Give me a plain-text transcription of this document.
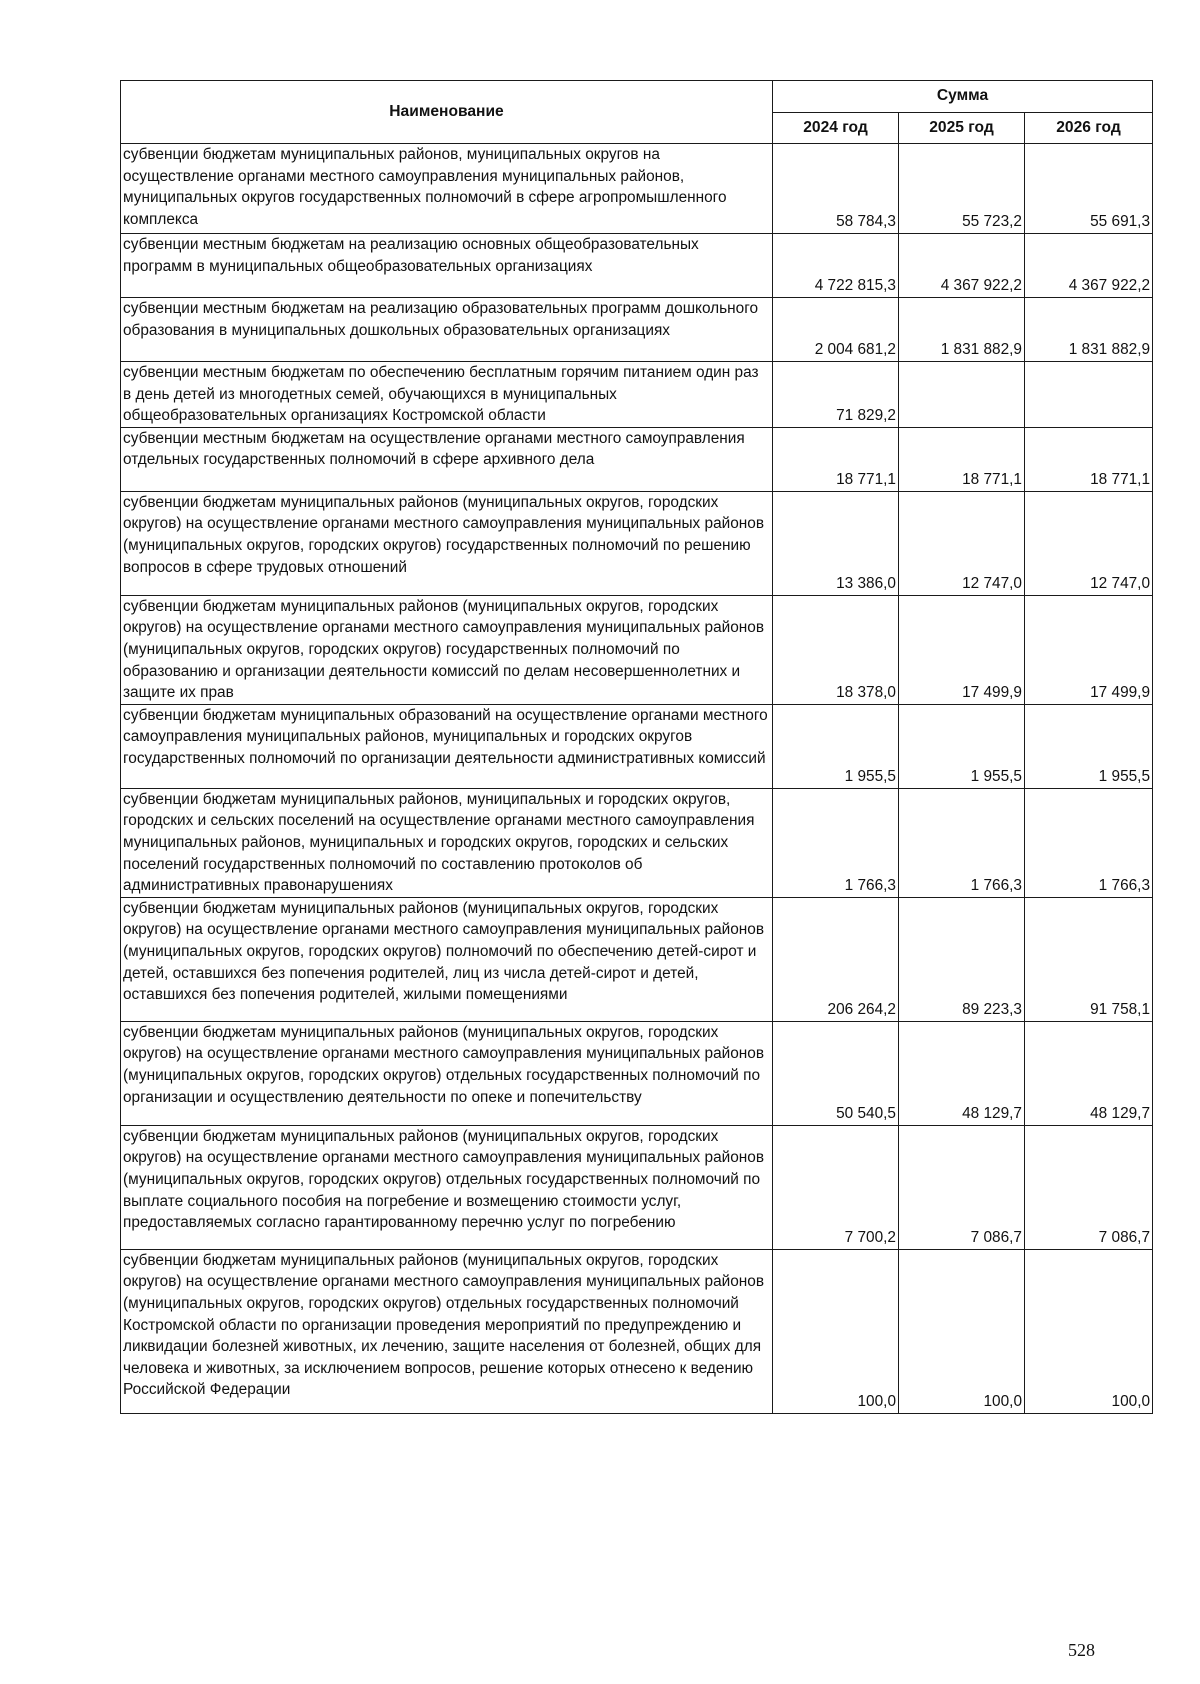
Наименование	Сумма		
	2024 год	2025 год	2026 год
субвенции бюджетам муниципальных районов, муниципальных округов на осуществление органами местного самоуправления муниципальных районов, муниципальных округов государственных полномочий в сфере агропромышленного комплекса	58 784,3	55 723,2	55 691,3
субвенции местным бюджетам на реализацию основных общеобразовательных программ в муниципальных общеобразовательных организациях	4 722 815,3	4 367 922,2	4 367 922,2
субвенции местным бюджетам на реализацию образовательных программ дошкольного образования в муниципальных дошкольных образовательных организациях	2 004 681,2	1 831 882,9	1 831 882,9
субвенции местным бюджетам по обеспечению бесплатным горячим питанием один раз в день детей из многодетных семей, обучающихся в муниципальных общеобразовательных организациях Костромской области	71 829,2		
субвенции местным бюджетам на осуществление органами местного самоуправления отдельных государственных полномочий в сфере архивного дела	18 771,1	18 771,1	18 771,1
субвенции бюджетам муниципальных районов (муниципальных округов, городских округов) на осуществление органами местного самоуправления муниципальных районов (муниципальных округов, городских округов) государственных полномочий по решению вопросов в сфере трудовых отношений	13 386,0	12 747,0	12 747,0
субвенции бюджетам муниципальных районов (муниципальных округов, городских округов) на осуществление органами местного самоуправления муниципальных районов (муниципальных округов, городских округов) государственных полномочий по образованию и организации деятельности комиссий по делам несовершеннолетних и защите их прав	18 378,0	17 499,9	17 499,9
субвенции бюджетам муниципальных образований на осуществление органами местного самоуправления муниципальных районов, муниципальных и городских округов государственных полномочий по организации деятельности административных комиссий	1 955,5	1 955,5	1 955,5
субвенции бюджетам муниципальных районов, муниципальных и городских округов, городских и сельских поселений на осуществление органами местного самоуправления муниципальных районов, муниципальных и городских округов, городских и сельских поселений государственных полномочий по составлению протоколов об административных правонарушениях	1 766,3	1 766,3	1 766,3
субвенции бюджетам муниципальных районов (муниципальных округов, городских округов) на осуществление органами местного самоуправления муниципальных районов (муниципальных округов, городских округов) полномочий по обеспечению детей-сирот и детей, оставшихся без попечения родителей, лиц из числа детей-сирот и детей, оставшихся без попечения родителей, жилыми помещениями	206 264,2	89 223,3	91 758,1
субвенции бюджетам муниципальных районов (муниципальных округов, городских округов) на осуществление органами местного самоуправления муниципальных районов (муниципальных округов, городских округов) отдельных государственных полномочий по организации и осуществлению деятельности по опеке и попечительству	50 540,5	48 129,7	48 129,7
субвенции бюджетам муниципальных районов (муниципальных округов, городских округов) на осуществление органами местного самоуправления муниципальных районов (муниципальных округов, городских округов) отдельных государственных полномочий по выплате социального пособия на погребение и возмещению стоимости услуг, предоставляемых согласно гарантированному перечню услуг по погребению	7 700,2	7 086,7	7 086,7
субвенции бюджетам муниципальных районов (муниципальных округов, городских округов) на осуществление органами местного самоуправления муниципальных районов (муниципальных округов, городских округов) отдельных государственных полномочий Костромской области по организации проведения мероприятий по предупреждению и ликвидации болезней животных, их лечению, защите населения от болезней, общих для человека и животных, за исключением вопросов, решение которых отнесено к ведению Российской Федерации	100,0	100,0	100,0
528
